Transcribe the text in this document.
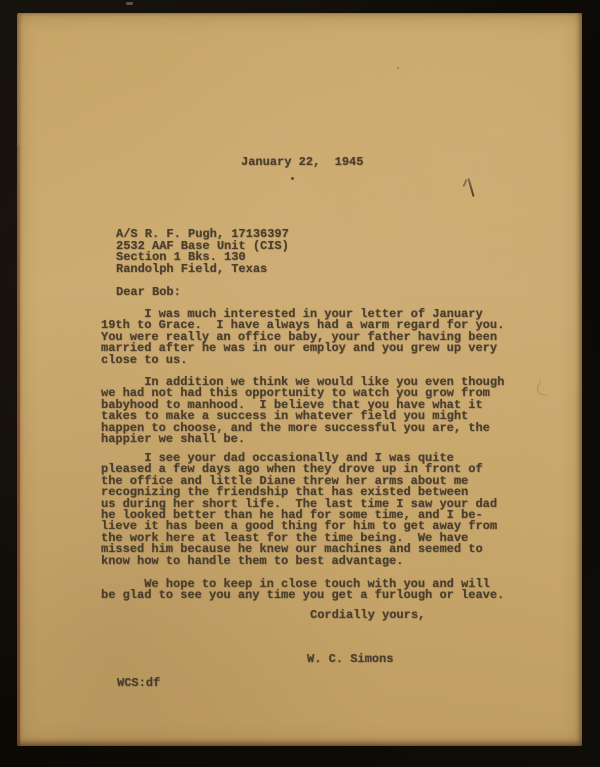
January 22,  1945
A/S R. F. Pugh, 17136397
2532 AAF Base Unit (CIS)
Section 1 Bks. 130
Randolph Field, Texas
Dear Bob:
I was much interested in your letter of January
19th to Grace.  I have always had a warm regard for you.
You were really an office baby, your father having been
married after he was in our employ and you grew up very
close to us.
In addition we think we would like you even though
we had not had this opportunity to watch you grow from
babyhood to manhood.  I believe that you have what it
takes to make a success in whatever field you might
happen to choose, and the more successful you are, the
happier we shall be.
I see your dad occasionally and I was quite
pleased a few days ago when they drove up in front of
the office and little Diane threw her arms about me
recognizing the friendship that has existed between
us during her short life.  The last time I saw your dad
he looked better than he had for some time, and I be-
lieve it has been a good thing for him to get away from
the work here at least for the time being.  We have
missed him because he knew our machines and seemed to
know how to handle them to best advantage.
We hope to keep in close touch with you and will
be glad to see you any time you get a furlough or leave.
Cordially yours,
W. C. Simons
WCS:df
